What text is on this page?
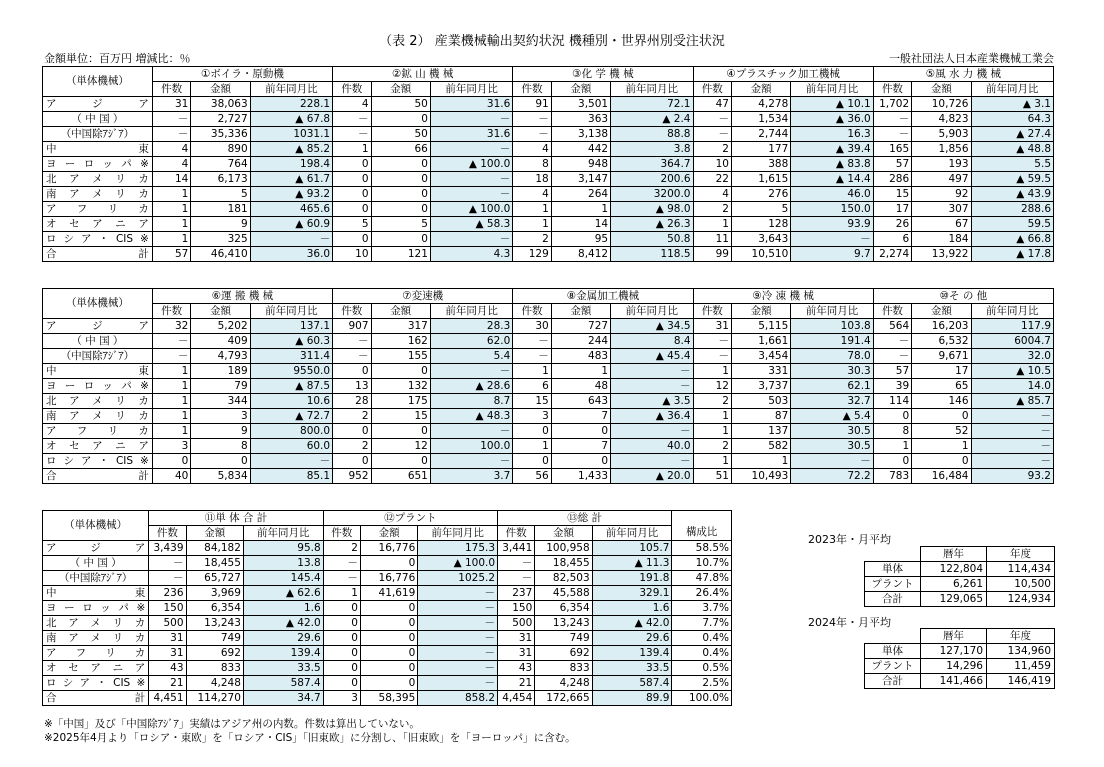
（表 2） 産業機械輸出契約状況 機種別・世界州別受注状況
金額単位：百万円 増減比：％	一般社団法人日本産業機械工業会
（単体機械）	①ボイラ・原動機			②鉱 山 機 械			③化 学 機 械			④プラスチック加工機械			⑤風 水 力 機 械		
	件数	金額	前年同月比	件数	金額	前年同月比	件数	金額	前年同月比	件数	金額	前年同月比	件数	金額	前年同月比
ア ジ ア	31	38,063	228.1	4	50	31.6	91	3,501	72.1	47	4,278	▲ 10.1	1,702	10,726	▲ 3.1
（ 中 国 ）	－	2,727	▲ 67.8	－	0	－	－	363	▲ 2.4	－	1,534	▲ 36.0	－	4,823	64.3
（中国除ｱｼﾞｱ）	－	35,336	1031.1	－	50	31.6	－	3,138	88.8	－	2,744	16.3	－	5,903	▲ 27.4
中 東	4	890	▲ 85.2	1	66	－	4	442	3.8	2	177	▲ 39.4	165	1,856	▲ 48.8
ヨーロッパ※	4	764	198.4	0	0	▲ 100.0	8	948	364.7	10	388	▲ 83.8	57	193	5.5
北 ア メ リ カ	14	6,173	▲ 61.7	0	0	－	18	3,147	200.6	22	1,615	▲ 14.4	286	497	▲ 59.5
南 ア メ リ カ	1	5	▲ 93.2	0	0	－	4	264	3200.0	4	276	46.0	15	92	▲ 43.9
ア フ リ カ	1	181	465.6	0	0	▲ 100.0	1	1	▲ 98.0	2	5	150.0	17	307	288.6
オ セ ア ニ ア	1	9	▲ 60.9	5	5	▲ 58.3	1	14	▲ 26.3	1	128	93.9	26	67	59.5
ロシア・CIS※	1	325	－	0	0	－	2	95	50.8	11	3,643	－	6	184	▲ 66.8
合 計	57	46,410	36.0	10	121	4.3	129	8,412	118.5	99	10,510	9.7	2,274	13,922	▲ 17.8
（単体機械）	⑥運 搬 機 械			⑦変速機			⑧金属加工機械			⑨冷 凍 機 械			⑩そ の 他		
	件数	金額	前年同月比	件数	金額	前年同月比	件数	金額	前年同月比	件数	金額	前年同月比	件数	金額	前年同月比
ア ジ ア	32	5,202	137.1	907	317	28.3	30	727	▲ 34.5	31	5,115	103.8	564	16,203	117.9
（ 中 国 ）	－	409	▲ 60.3	－	162	62.0	－	244	8.4	－	1,661	191.4	－	6,532	6004.7
（中国除ｱｼﾞｱ）	－	4,793	311.4	－	155	5.4	－	483	▲ 45.4	－	3,454	78.0	－	9,671	32.0
中 東	1	189	9550.0	0	0	－	1	1	－	1	331	30.3	57	17	▲ 10.5
ヨーロッパ※	1	79	▲ 87.5	13	132	▲ 28.6	6	48	－	12	3,737	62.1	39	65	14.0
北 ア メ リ カ	1	344	10.6	28	175	8.7	15	643	▲ 3.5	2	503	32.7	114	146	▲ 85.7
南 ア メ リ カ	1	3	▲ 72.7	2	15	▲ 48.3	3	7	▲ 36.4	1	87	▲ 5.4	0	0	－
ア フ リ カ	1	9	800.0	0	0	－	0	0	－	1	137	30.5	8	52	－
オ セ ア ニ ア	3	8	60.0	2	12	100.0	1	7	40.0	2	582	30.5	1	1	－
ロシア・CIS※	0	0	－	0	0	－	0	0	－	1	1	－	0	0	－
合 計	40	5,834	85.1	952	651	3.7	56	1,433	▲ 20.0	51	10,493	72.2	783	16,484	93.2
（単体機械）	⑪単 体 合 計			⑫プラント			⑬総 計			
	件数	金額	前年同月比	件数	金額	前年同月比	件数	金額	前年同月比	構成比
ア ジ ア	3,439	84,182	95.8	2	16,776	175.3	3,441	100,958	105.7	58.5%
（ 中 国 ）	－	18,455	13.8	－	0	▲ 100.0	－	18,455	▲ 11.3	10.7%
（中国除ｱｼﾞｱ）	－	65,727	145.4	－	16,776	1025.2	－	82,503	191.8	47.8%
中 東	236	3,969	▲ 62.6	1	41,619	－	237	45,588	329.1	26.4%
ヨーロッパ※	150	6,354	1.6	0	0	－	150	6,354	1.6	3.7%
北 ア メ リ カ	500	13,243	▲ 42.0	0	0	－	500	13,243	▲ 42.0	7.7%
南 ア メ リ カ	31	749	29.6	0	0	－	31	749	29.6	0.4%
ア フ リ カ	31	692	139.4	0	0	－	31	692	139.4	0.4%
オ セ ア ニ ア	43	833	33.5	0	0	－	43	833	33.5	0.5%
ロシア・CIS※	21	4,248	587.4	0	0	－	21	4,248	587.4	2.5%
合 計	4,451	114,270	34.7	3	58,395	858.2	4,454	172,665	89.9	100.0%
※「中国」及び「中国除ｱｼﾞｱ」実績はアジア州の内数。件数は算出していない。
※2025年4月より「ロシア・東欧」を「ロシア・CIS」「旧東欧」に分割し、「旧東欧」を「ヨーロッパ」に含む。
2023年・月平均
	暦年	年度
単体	122,804	114,434
プラント	6,261	10,500
合計	129,065	124,934
2024年・月平均
	暦年	年度
単体	127,170	134,960
プラント	14,296	11,459
合計	141,466	146,419
